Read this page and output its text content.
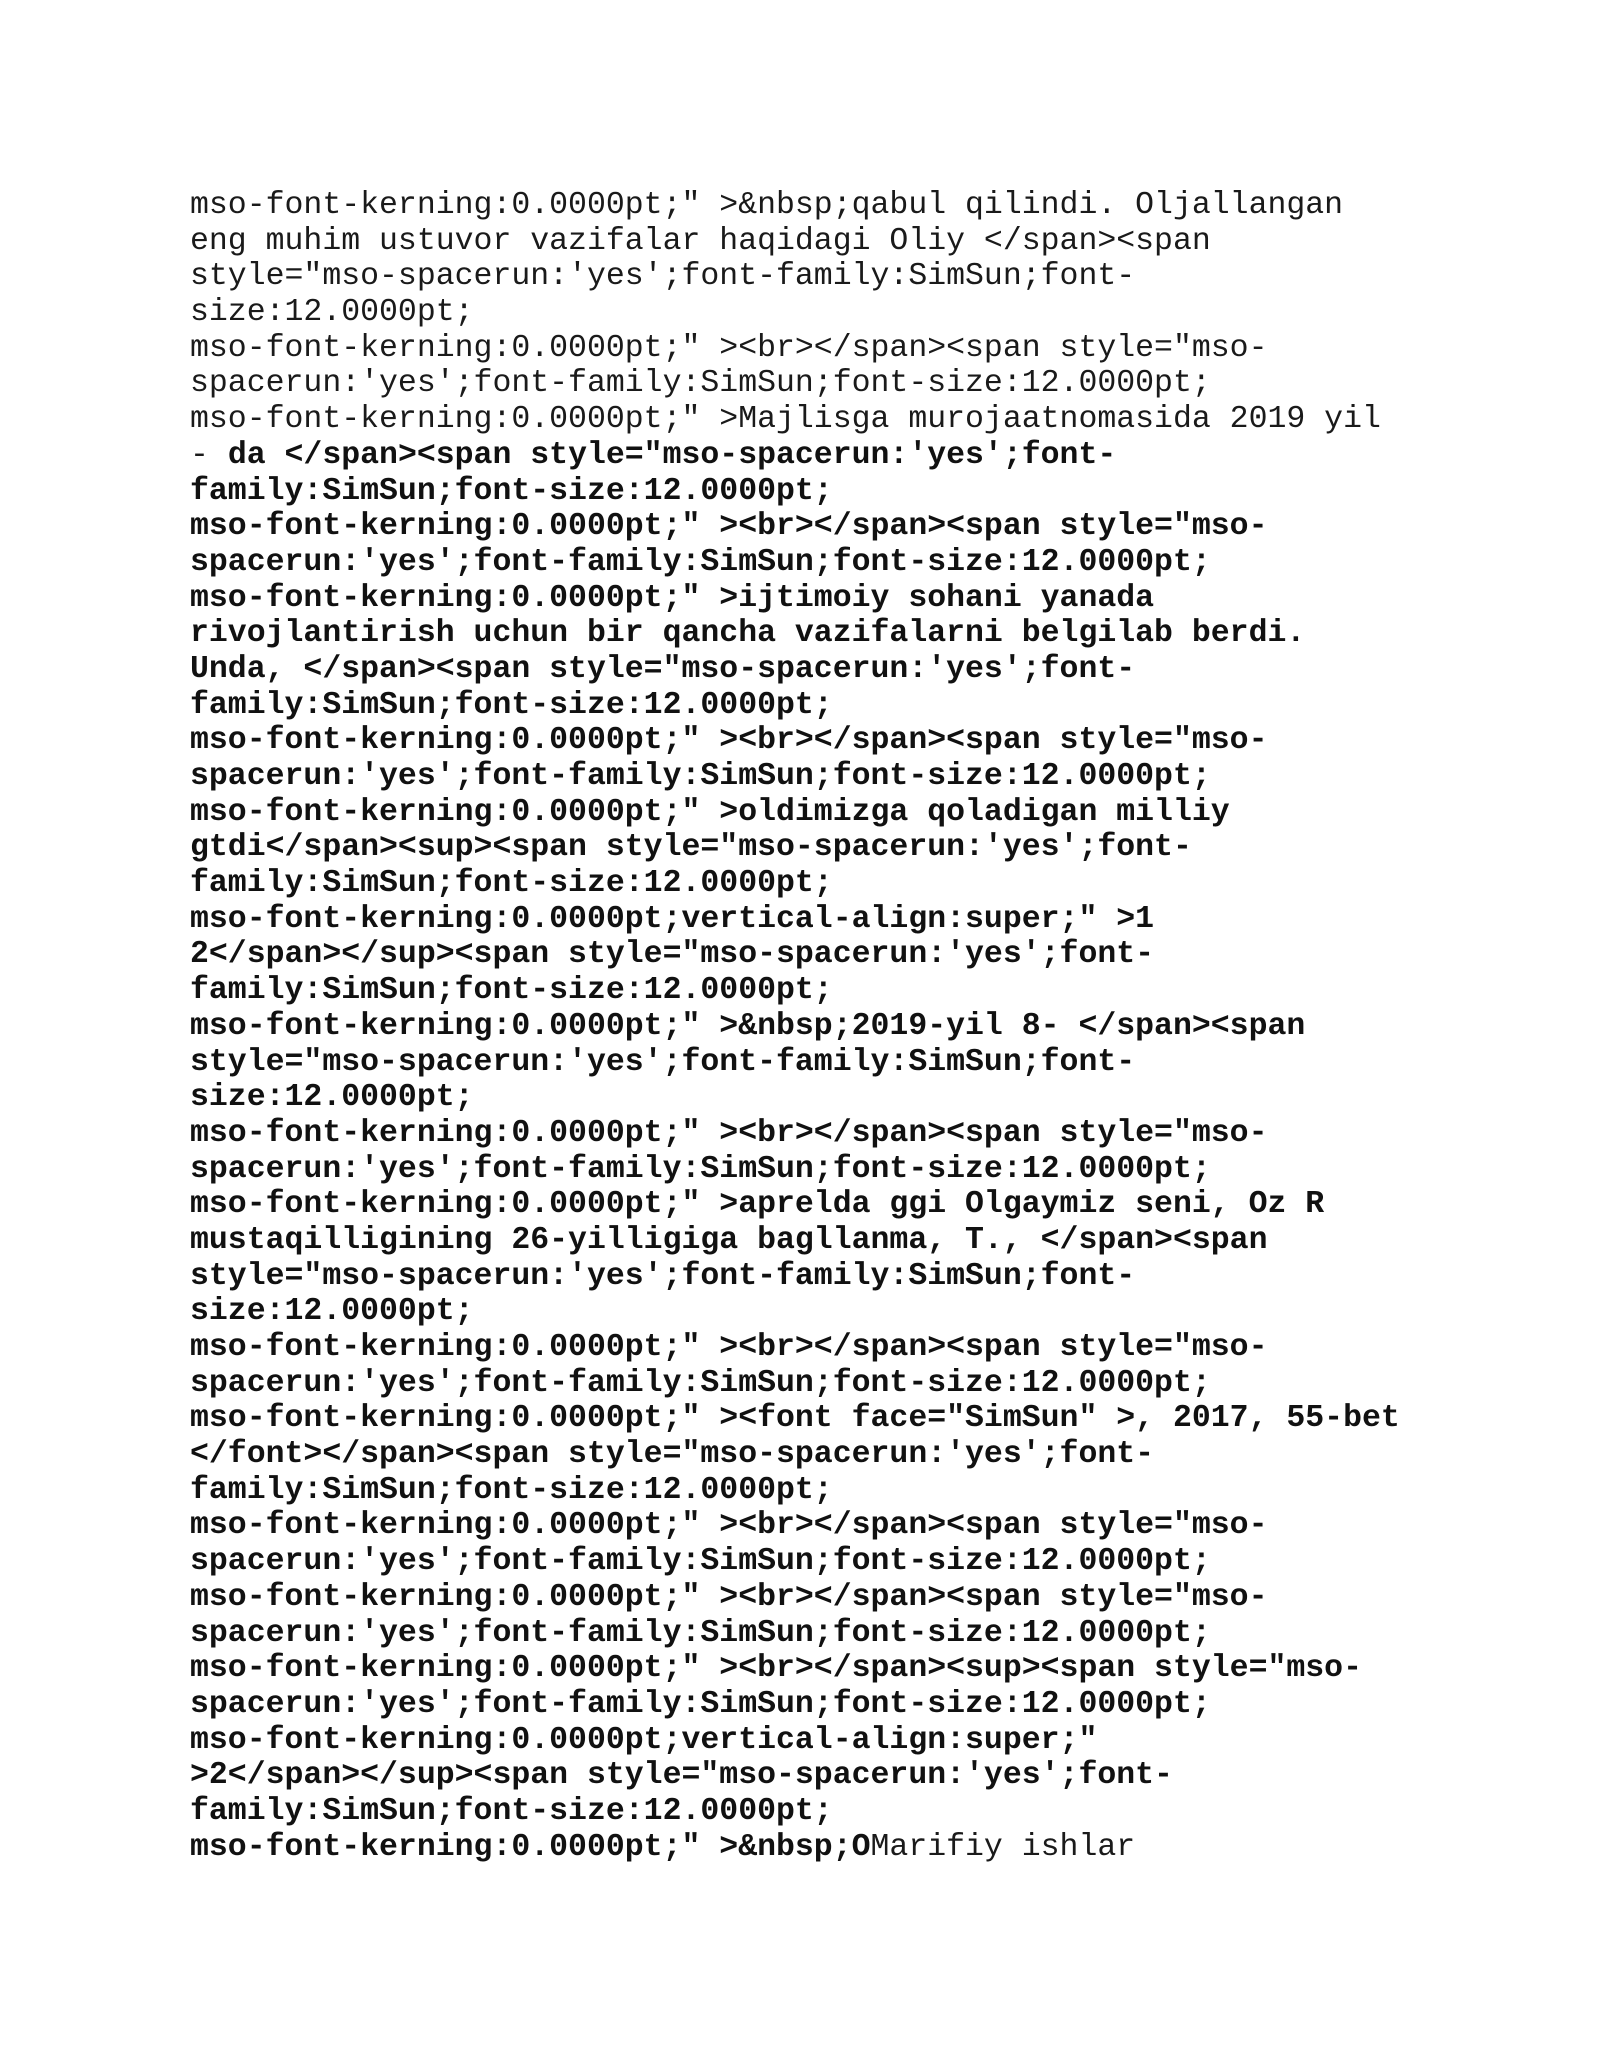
mso-font-kerning:0.0000pt;" >&nbsp;qabul qilindi. Oljallangan
eng muhim ustuvor vazifalar haqidagi Oliy </span><span
style="mso-spacerun:'yes';font-family:SimSun;font-
size:12.0000pt;
mso-font-kerning:0.0000pt;" ><br></span><span style="mso-
spacerun:'yes';font-family:SimSun;font-size:12.0000pt;
mso-font-kerning:0.0000pt;" >Majlisga murojaatnomasida 2019 yil
- da </span><span style="mso-spacerun:'yes';font-
family:SimSun;font-size:12.0000pt;
mso-font-kerning:0.0000pt;" ><br></span><span style="mso-
spacerun:'yes';font-family:SimSun;font-size:12.0000pt;
mso-font-kerning:0.0000pt;" >ijtimoiy sohani yanada
rivojlantirish uchun bir qancha vazifalarni belgilab berdi.
Unda, </span><span style="mso-spacerun:'yes';font-
family:SimSun;font-size:12.0000pt;
mso-font-kerning:0.0000pt;" ><br></span><span style="mso-
spacerun:'yes';font-family:SimSun;font-size:12.0000pt;
mso-font-kerning:0.0000pt;" >oldimizga qoladigan milliy
gtdi</span><sup><span style="mso-spacerun:'yes';font-
family:SimSun;font-size:12.0000pt;
mso-font-kerning:0.0000pt;vertical-align:super;" >1
2</span></sup><span style="mso-spacerun:'yes';font-
family:SimSun;font-size:12.0000pt;
mso-font-kerning:0.0000pt;" >&nbsp;2019-yil 8- </span><span
style="mso-spacerun:'yes';font-family:SimSun;font-
size:12.0000pt;
mso-font-kerning:0.0000pt;" ><br></span><span style="mso-
spacerun:'yes';font-family:SimSun;font-size:12.0000pt;
mso-font-kerning:0.0000pt;" >aprelda ggi Olgaymiz seni, Oz R
mustaqilligining 26-yilligiga bagllanma, T., </span><span
style="mso-spacerun:'yes';font-family:SimSun;font-
size:12.0000pt;
mso-font-kerning:0.0000pt;" ><br></span><span style="mso-
spacerun:'yes';font-family:SimSun;font-size:12.0000pt;
mso-font-kerning:0.0000pt;" ><font face="SimSun" >, 2017, 55-bet
</font></span><span style="mso-spacerun:'yes';font-
family:SimSun;font-size:12.0000pt;
mso-font-kerning:0.0000pt;" ><br></span><span style="mso-
spacerun:'yes';font-family:SimSun;font-size:12.0000pt;
mso-font-kerning:0.0000pt;" ><br></span><span style="mso-
spacerun:'yes';font-family:SimSun;font-size:12.0000pt;
mso-font-kerning:0.0000pt;" ><br></span><sup><span style="mso-
spacerun:'yes';font-family:SimSun;font-size:12.0000pt;
mso-font-kerning:0.0000pt;vertical-align:super;"
>2</span></sup><span style="mso-spacerun:'yes';font-
family:SimSun;font-size:12.0000pt;
mso-font-kerning:0.0000pt;" >&nbsp;OMarifiy ishlar
